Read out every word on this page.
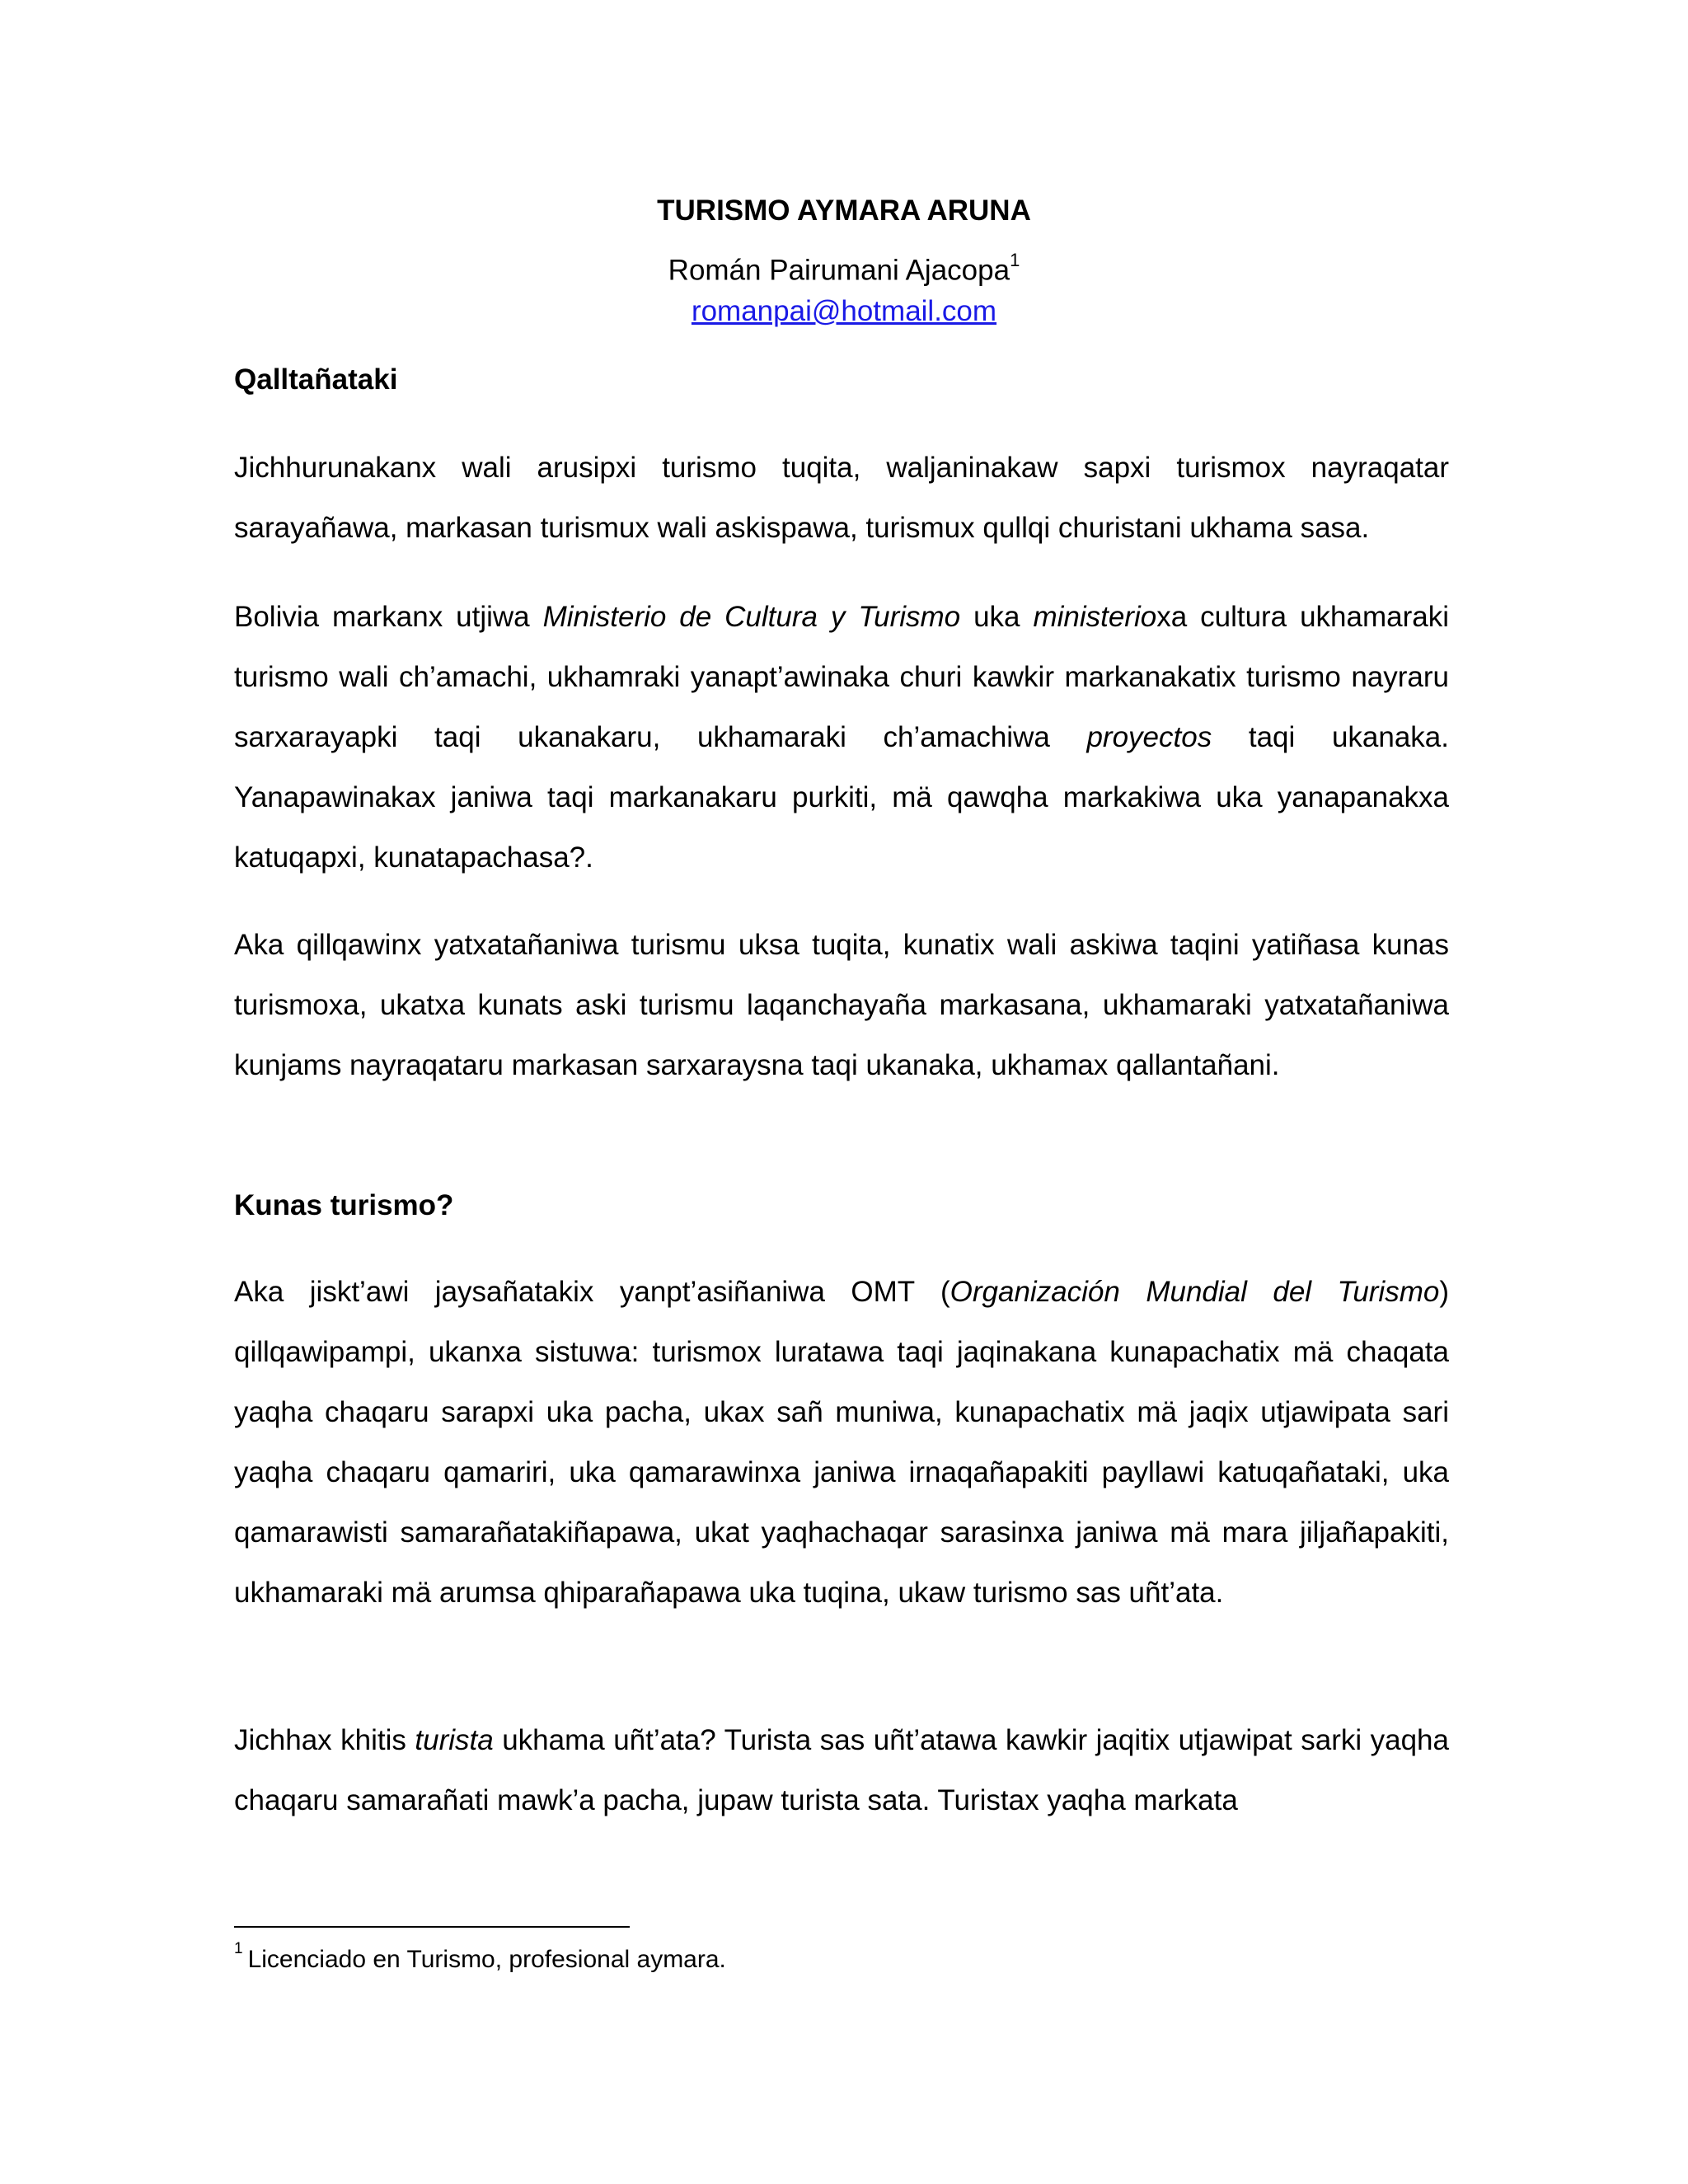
TURISMO AYMARA ARUNA
Román Pairumani Ajacopa$^1$
romanpai@hotmail.com
Qalltañataki
Jichhurunakanx wali arusipxi turismo tuqita, waljaninakaw sapxi turismox nayraqatar sarayañawa, markasan turismux wali askispawa, turismux qullqi churistani ukhama sasa.
Bolivia markanx utjiwa Ministerio de Cultura y Turismo uka ministerioxa cultura ukhamaraki turismo wali ch’amachi, ukhamraki yanapt’awinaka churi kawkir markanakatix turismo nayraru sarxarayapki taqi ukanakaru, ukhamaraki ch’amachiwa proyectos taqi ukanaka. Yanapawinakax janiwa taqi markanakaru purkiti, mä qawqha markakiwa uka yanapanakxa katuqapxi, kunatapachasa?.
Aka qillqawinx yatxatañaniwa turismu uksa tuqita, kunatix wali askiwa taqini yatiñasa kunas turismoxa, ukatxa kunats aski turismu laqanchayaña markasana, ukhamaraki yatxatañaniwa kunjams nayraqataru markasan sarxaraysna taqi ukanaka, ukhamax qallantañani.
Kunas turismo?
Aka jiskt’awi jaysañatakix yanpt’asiñaniwa OMT (Organización Mundial del Turismo) qillqawipampi, ukanxa sistuwa: turismox luratawa taqi jaqinakana kunapachatix mä chaqata yaqha chaqaru sarapxi uka pacha, ukax sañ muniwa, kunapachatix mä jaqix utjawipata sari yaqha chaqaru qamariri, uka qamarawinxa janiwa irnaqañapakiti payllawi katuqañataki, uka qamarawisti samarañatakiñapawa, ukat yaqhachaqar sarasinxa janiwa mä mara jiljañapakiti, ukhamaraki mä arumsa qhiparañapawa uka tuqina, ukaw turismo sas uñt’ata.
Jichhax khitis turista ukhama uñt’ata? Turista sas uñt’atawa kawkir jaqitix utjawipat sarki yaqha chaqaru samarañati mawk’a pacha, jupaw turista sata. Turistax yaqha markata
$^1$ Licenciado en Turismo, profesional aymara.
